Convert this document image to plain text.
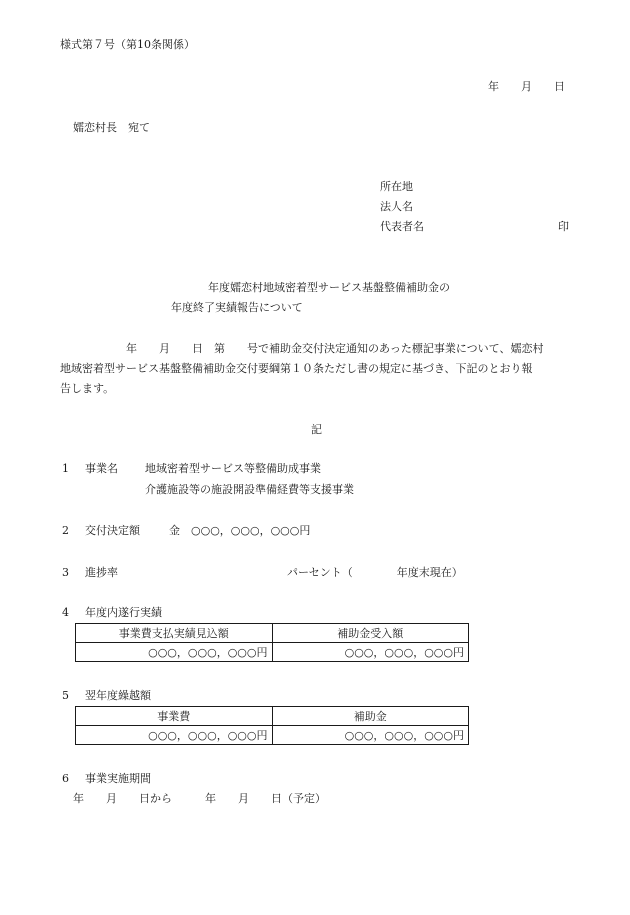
様式第７号（第10条関係）
年　　月　　日
嬬恋村長　宛て
所在地
法人名
代表者名	印
年度嬬恋村地域密着型サービス基盤整備補助金の
年度終了実績報告について
　　　　　　年　　月　　日　第　　号で補助金交付決定通知のあった標記事業について、嬬恋村
地域密着型サービス基盤整備補助金交付要綱第１０条ただし書の規定に基づき、下記のとおり報
告します。
記
1 事業名 地域密着型サービス等整備助成事業
介護施設等の施設開設準備経費等支援事業
2 交付決定額	金　○○○，○○○，○○○円
3 進捗率	パーセント（　　　　年度末現在）
4 年度内遂行実績
事業費支払実績見込額	補助金受入額
○○○，○○○，○○○円	○○○，○○○，○○○円
5 翌年度繰越額
事業費	補助金
○○○，○○○，○○○円	○○○，○○○，○○○円
6 事業実施期間
年　　月　　日から　　　年　　月　　日（予定）
